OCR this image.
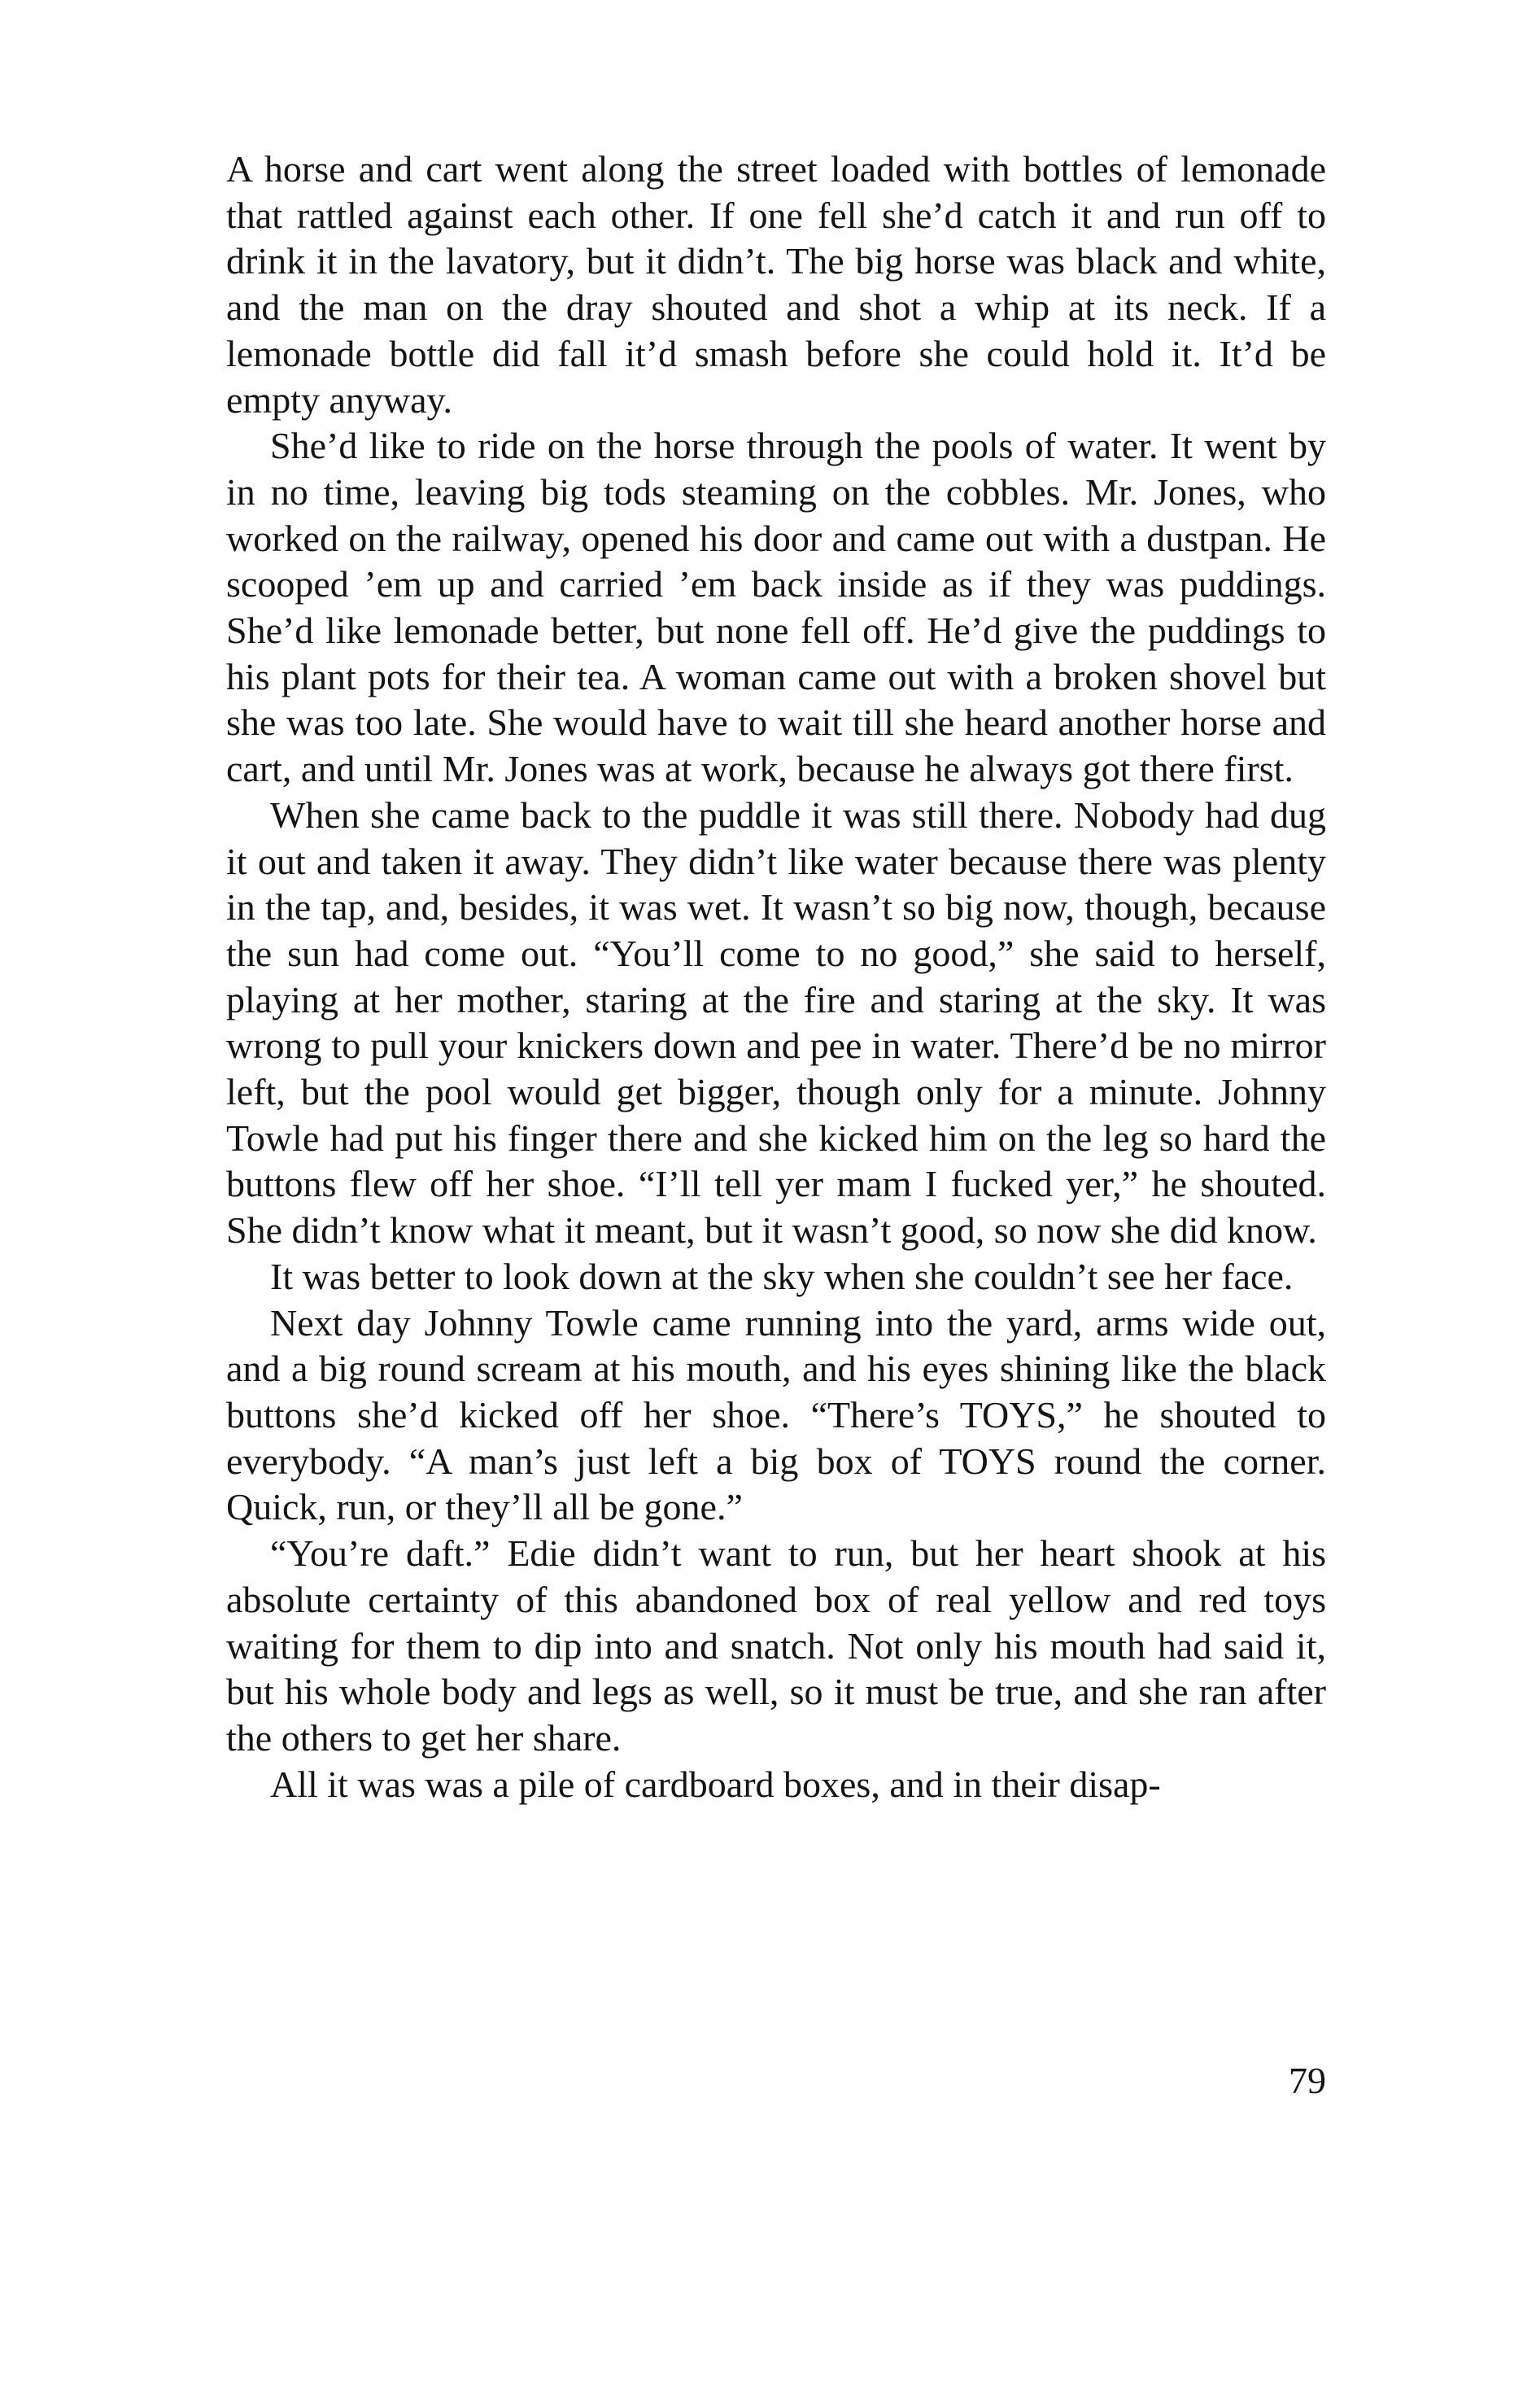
A horse and cart went along the street loaded with bottles of lemonade that rattled against each other. If one fell she’d catch it and run off to drink it in the lavatory, but it didn’t. The big horse was black and white, and the man on the dray shouted and shot a whip at its neck. If a lemonade bottle did fall it’d smash before she could hold it. It’d be empty anyway.

She’d like to ride on the horse through the pools of water. It went by in no time, leaving big tods steaming on the cobbles. Mr. Jones, who worked on the railway, opened his door and came out with a dustpan. He scooped ’em up and carried ’em back inside as if they was puddings. She’d like lemonade better, but none fell off. He’d give the puddings to his plant pots for their tea. A woman came out with a broken shovel but she was too late. She would have to wait till she heard another horse and cart, and until Mr. Jones was at work, because he always got there first.

When she came back to the puddle it was still there. Nobody had dug it out and taken it away. They didn’t like water because there was plenty in the tap, and, besides, it was wet. It wasn’t so big now, though, because the sun had come out. “You’ll come to no good,” she said to herself, playing at her mother, staring at the fire and staring at the sky. It was wrong to pull your knickers down and pee in water. There’d be no mirror left, but the pool would get bigger, though only for a minute. Johnny Towle had put his finger there and she kicked him on the leg so hard the buttons flew off her shoe. “I’ll tell yer mam I fucked yer,” he shouted. She didn’t know what it meant, but it wasn’t good, so now she did know.

It was better to look down at the sky when she couldn’t see her face.

Next day Johnny Towle came running into the yard, arms wide out, and a big round scream at his mouth, and his eyes shining like the black buttons she’d kicked off her shoe. “There’s TOYS,” he shouted to everybody. “A man’s just left a big box of TOYS round the corner. Quick, run, or they’ll all be gone.”

“You’re daft.” Edie didn’t want to run, but her heart shook at his absolute certainty of this abandoned box of real yellow and red toys waiting for them to dip into and snatch. Not only his mouth had said it, but his whole body and legs as well, so it must be true, and she ran after the others to get her share.

All it was was a pile of cardboard boxes, and in their disap-

79
